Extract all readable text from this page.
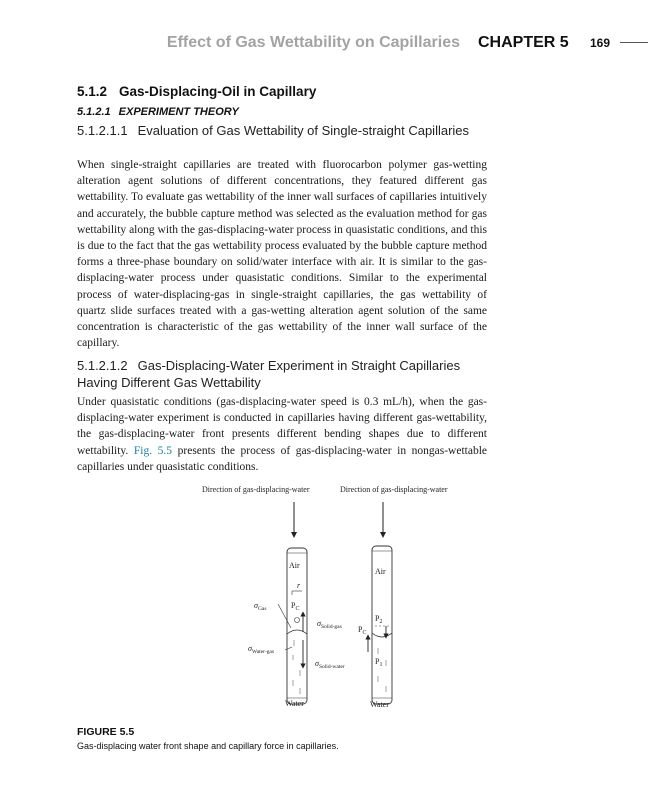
Effect of Gas Wettability on Capillaries CHAPTER 5 169
5.1.2 Gas-Displacing-Oil in Capillary
5.1.2.1 EXPERIMENT THEORY
5.1.2.1.1 Evaluation of Gas Wettability of Single-straight Capillaries

When single-straight capillaries are treated with fluorocarbon polymer gas-wetting alteration agent solutions of different concentrations, they featured different gas wettability. To evaluate gas wettability of the inner wall surfaces of capillaries intuitively and accurately, the bubble capture method was selected as the evaluation method for gas wettability along with the gas-displacing-water process in quasistatic conditions, and this is due to the fact that the gas wettability process evaluated by the bubble capture method forms a three-phase boundary on solid/water interface with air. It is similar to the gas-displacing-water process under quasistatic conditions. Similar to the experimental process of water-displacing-gas in single-straight capillaries, the gas wettability of quartz slide surfaces treated with a gas-wetting alteration agent solution of the same concentration is characteristic of the gas wettability of the inner wall surface of the capillary.

5.1.2.1.2 Gas-Displacing-Water Experiment in Straight Capillaries Having Different Gas Wettability

Under quasistatic conditions (gas-displacing-water speed is 0.3 mL/h), when the gas-displacing-water experiment is conducted in capillaries having different gas-wettability, the gas-displacing-water front presents different bending shapes due to different wettability. Fig. 5.5 presents the process of gas-displacing-water in nongas-wettable capillaries under quasistatic conditions.

Direction of gas-displacing-water	Direction of gas-displacing-water
Air
r
$P_C$
$\sigma_{Gas}$
$\sigma_{Water-gas}$
$\sigma_{Solid-gas}$
$\sigma_{Solid-water}$
Water
Air
$P_2$
$P_C$
$P_1$
Water
FIGURE 5.5
Gas-displacing water front shape and capillary force in capillaries.
